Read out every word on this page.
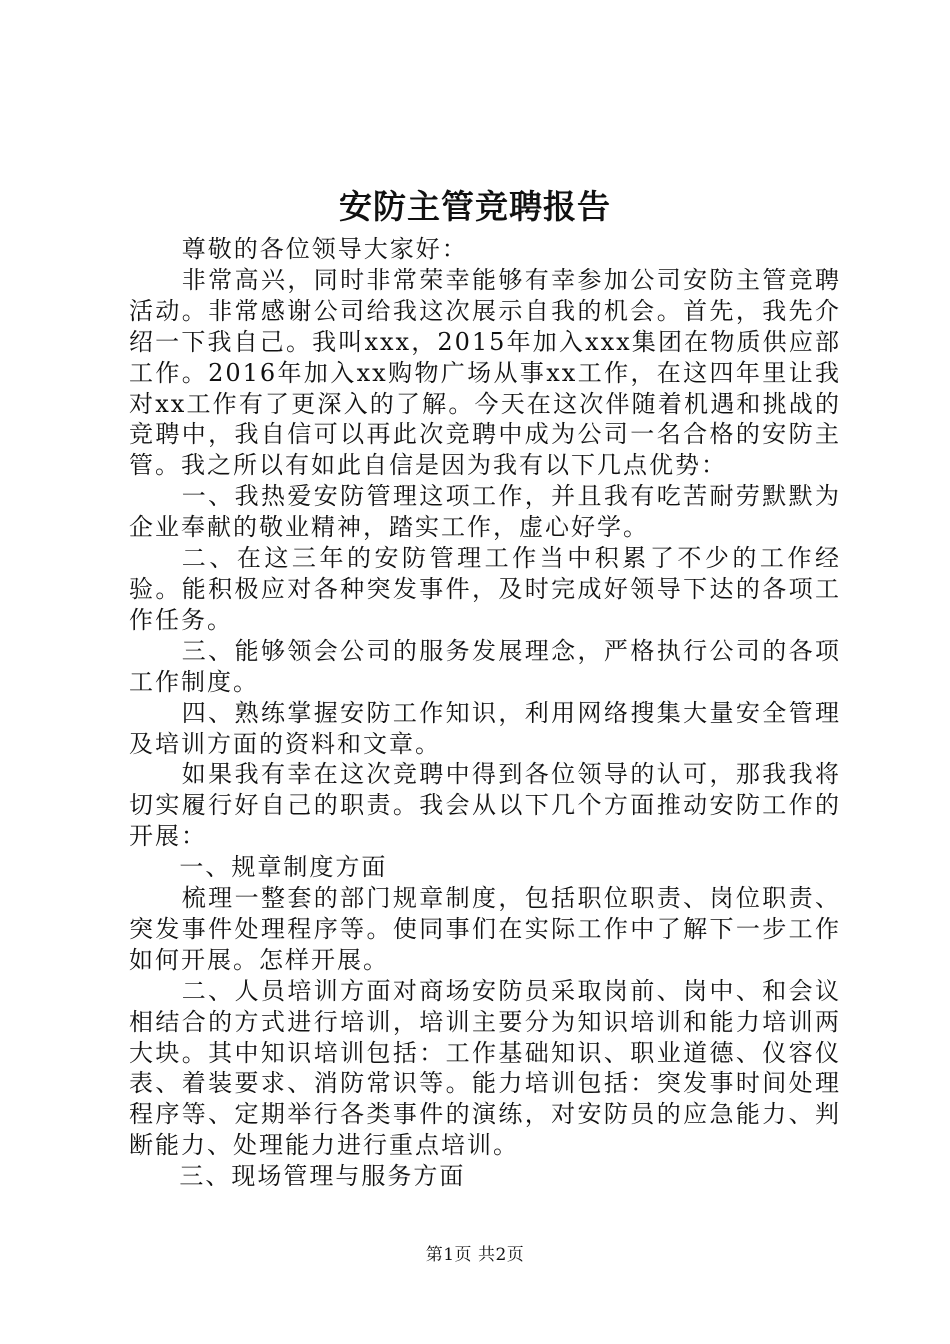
安防主管竞聘报告

尊敬的各位领导大家好：

非常高兴，同时非常荣幸能够有幸参加公司安防主管竞聘活动。非常感谢公司给我这次展示自我的机会。首先，我先介绍一下我自己。我叫xxx，2015年加入xxx集团在物质供应部工作。2016年加入xx购物广场从事xx工作，在这四年里让我对xx工作有了更深入的了解。今天在这次伴随着机遇和挑战的竞聘中，我自信可以再此次竞聘中成为公司一名合格的安防主管。我之所以有如此自信是因为我有以下几点优势：

一、我热爱安防管理这项工作，并且我有吃苦耐劳默默为企业奉献的敬业精神，踏实工作，虚心好学。

二、在这三年的安防管理工作当中积累了不少的工作经验。能积极应对各种突发事件，及时完成好领导下达的各项工作任务。

三、能够领会公司的服务发展理念，严格执行公司的各项工作制度。

四、熟练掌握安防工作知识，利用网络搜集大量安全管理及培训方面的资料和文章。

如果我有幸在这次竞聘中得到各位领导的认可，那我我将切实履行好自己的职责。我会从以下几个方面推动安防工作的开展：

一、规章制度方面

梳理一整套的部门规章制度，包括职位职责、岗位职责、突发事件处理程序等。使同事们在实际工作中了解下一步工作如何开展。怎样开展。

二、人员培训方面对商场安防员采取岗前、岗中、和会议相结合的方式进行培训，培训主要分为知识培训和能力培训两大块。其中知识培训包括：工作基础知识、职业道德、仪容仪表、着装要求、消防常识等。能力培训包括：突发事时间处理程序等、定期举行各类事件的演练，对安防员的应急能力、判断能力、处理能力进行重点培训。

三、现场管理与服务方面

第1页 共2页
